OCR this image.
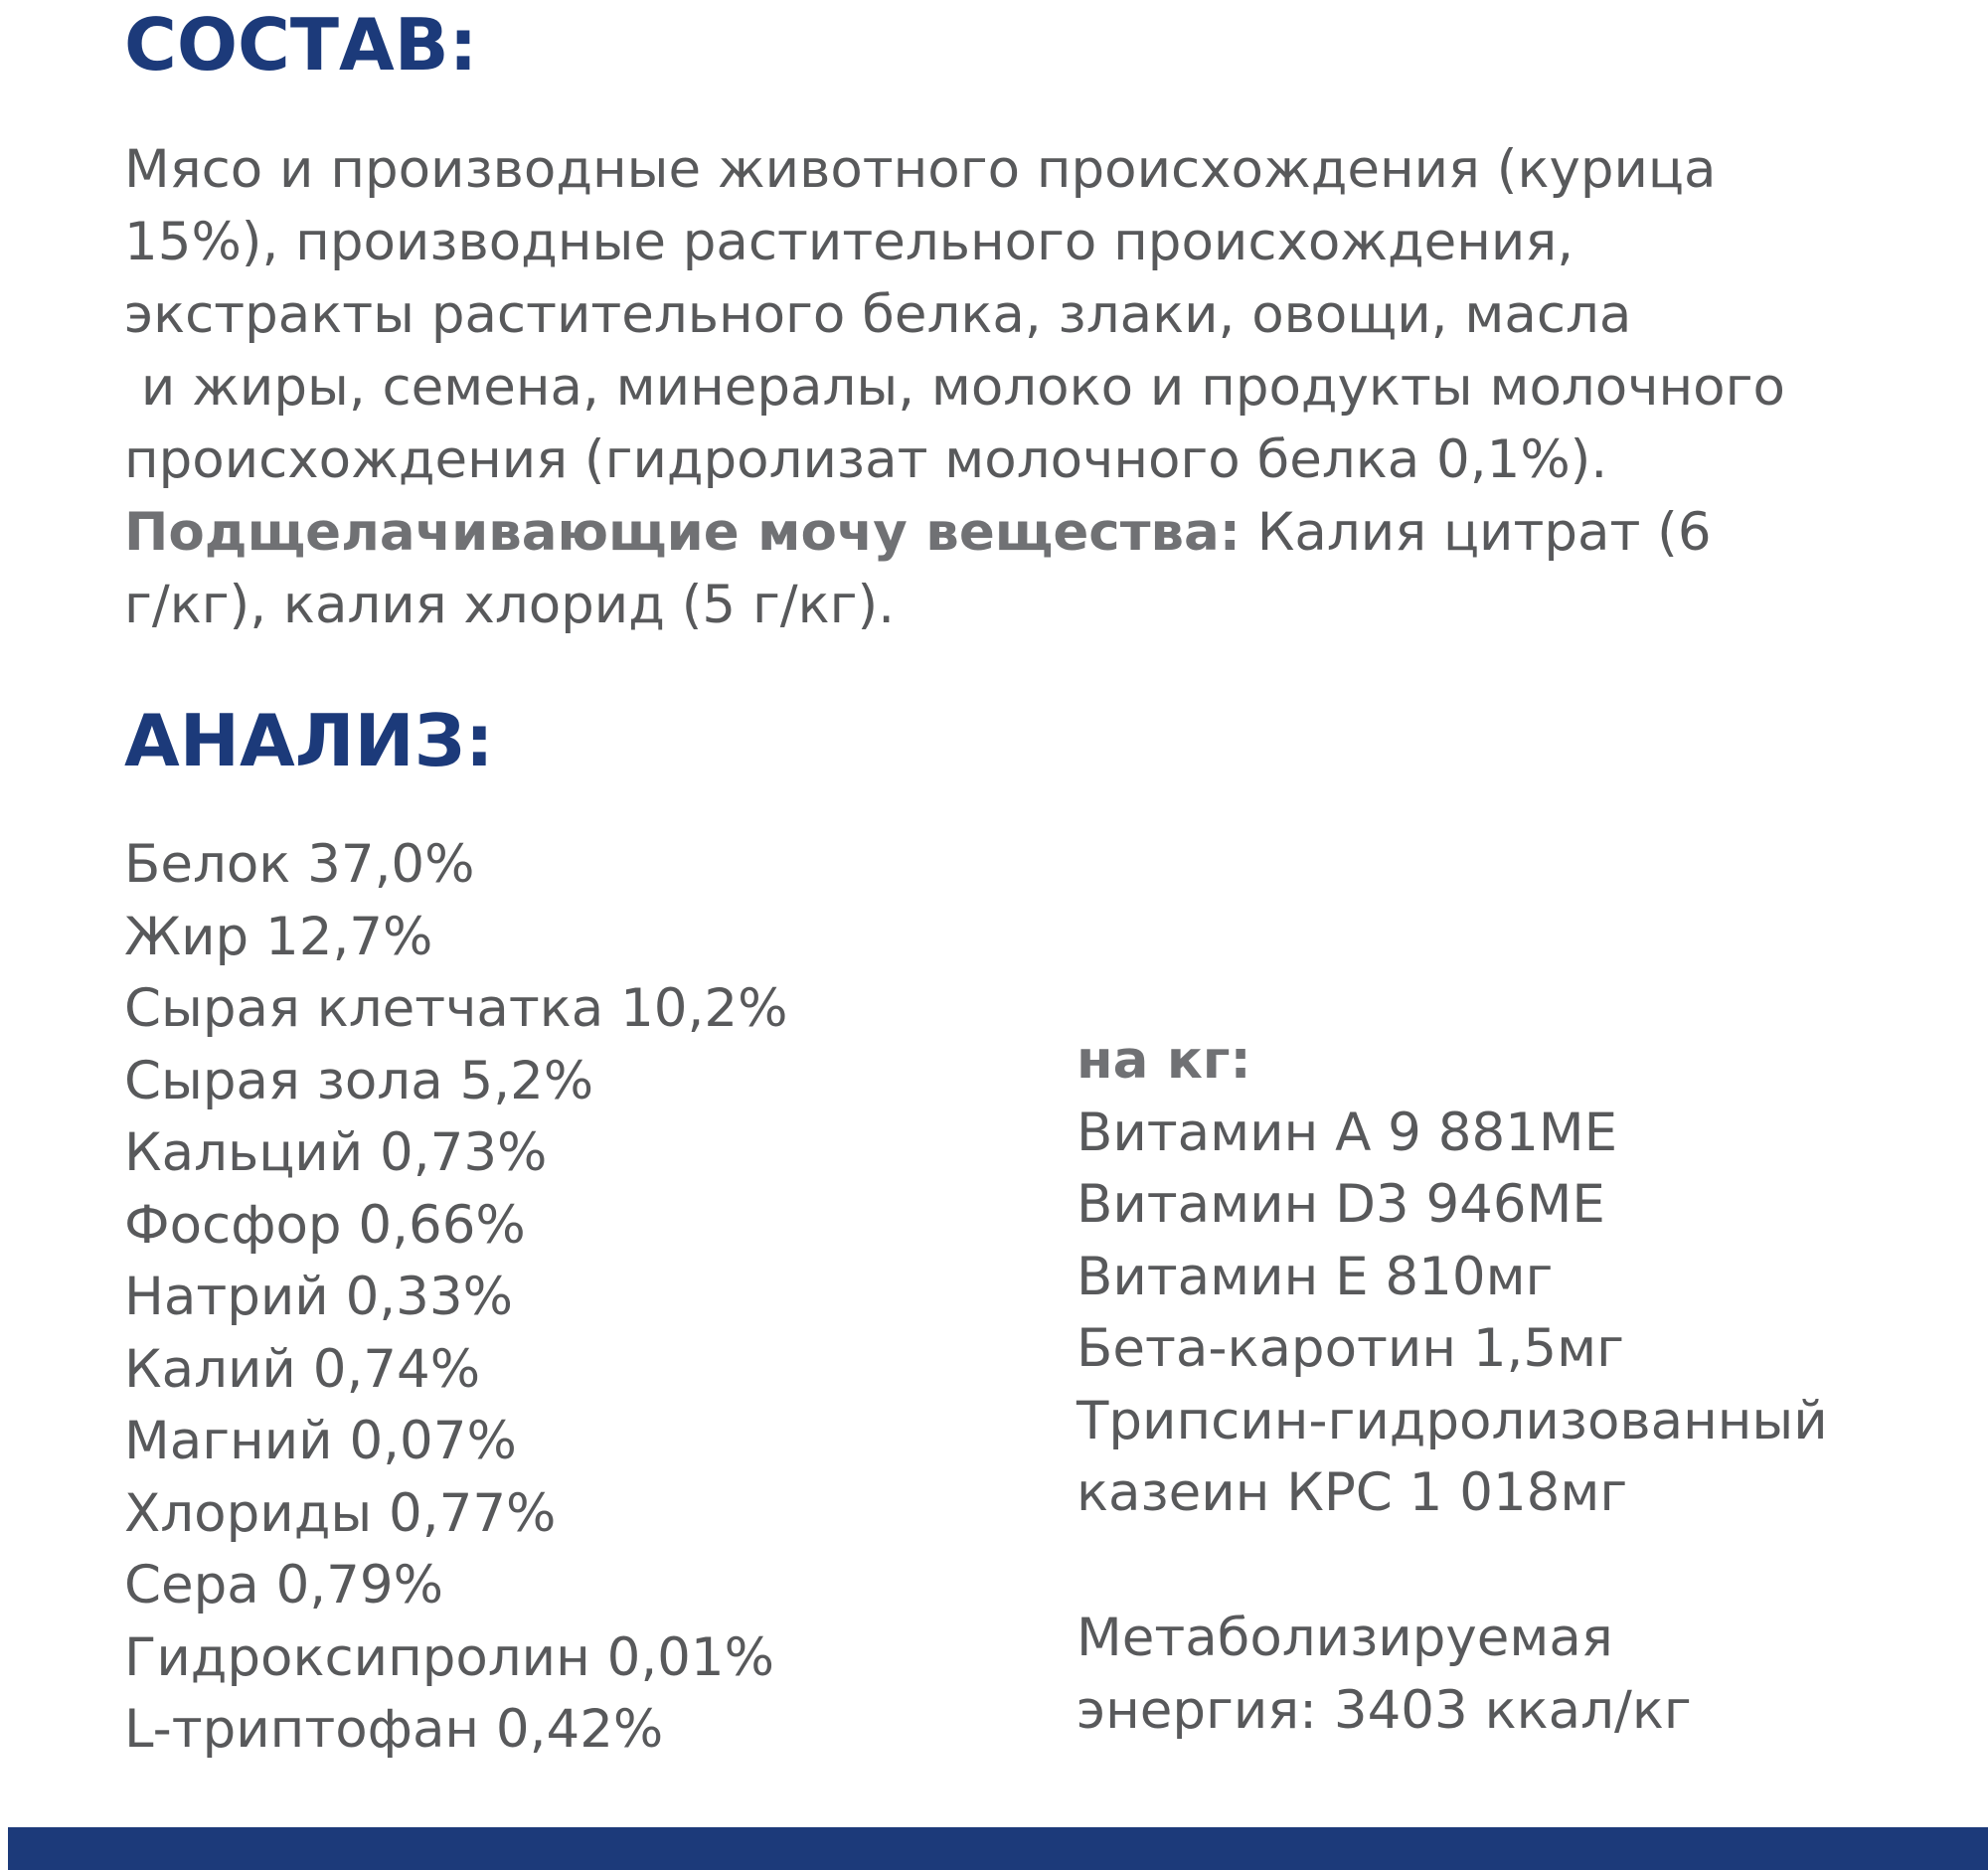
СОСТАВ:
Мясо и производные животного происхождения (курица
15%), производные растительного происхождения,
экстракты растительного белка, злаки, овощи, масла
и жиры, семена, минералы, молоко и продукты молочного
происхождения (гидролизат молочного белка 0,1%).
Подщелачивающие мочу вещества: Калия цитрат (6
г/кг), калия хлорид (5 г/кг).
АНАЛИЗ:
Белок 37,0%
Жир 12,7%
Сырая клетчатка 10,2%
Сырая зола 5,2%
Кальций 0,73%
Фосфор 0,66%
Натрий 0,33%
Калий 0,74%
Магний 0,07%
Хлориды 0,77%
Сера 0,79%
Гидроксипролин 0,01%
L-триптофан 0,42%
на кг:
Витамин А 9 881МЕ
Витамин D3 946МЕ
Витамин Е 810мг
Бета-каротин 1,5мг
Трипсин-гидролизованный
казеин КРС 1 018мг
Метаболизируемая
энергия: 3403 ккал/кг
